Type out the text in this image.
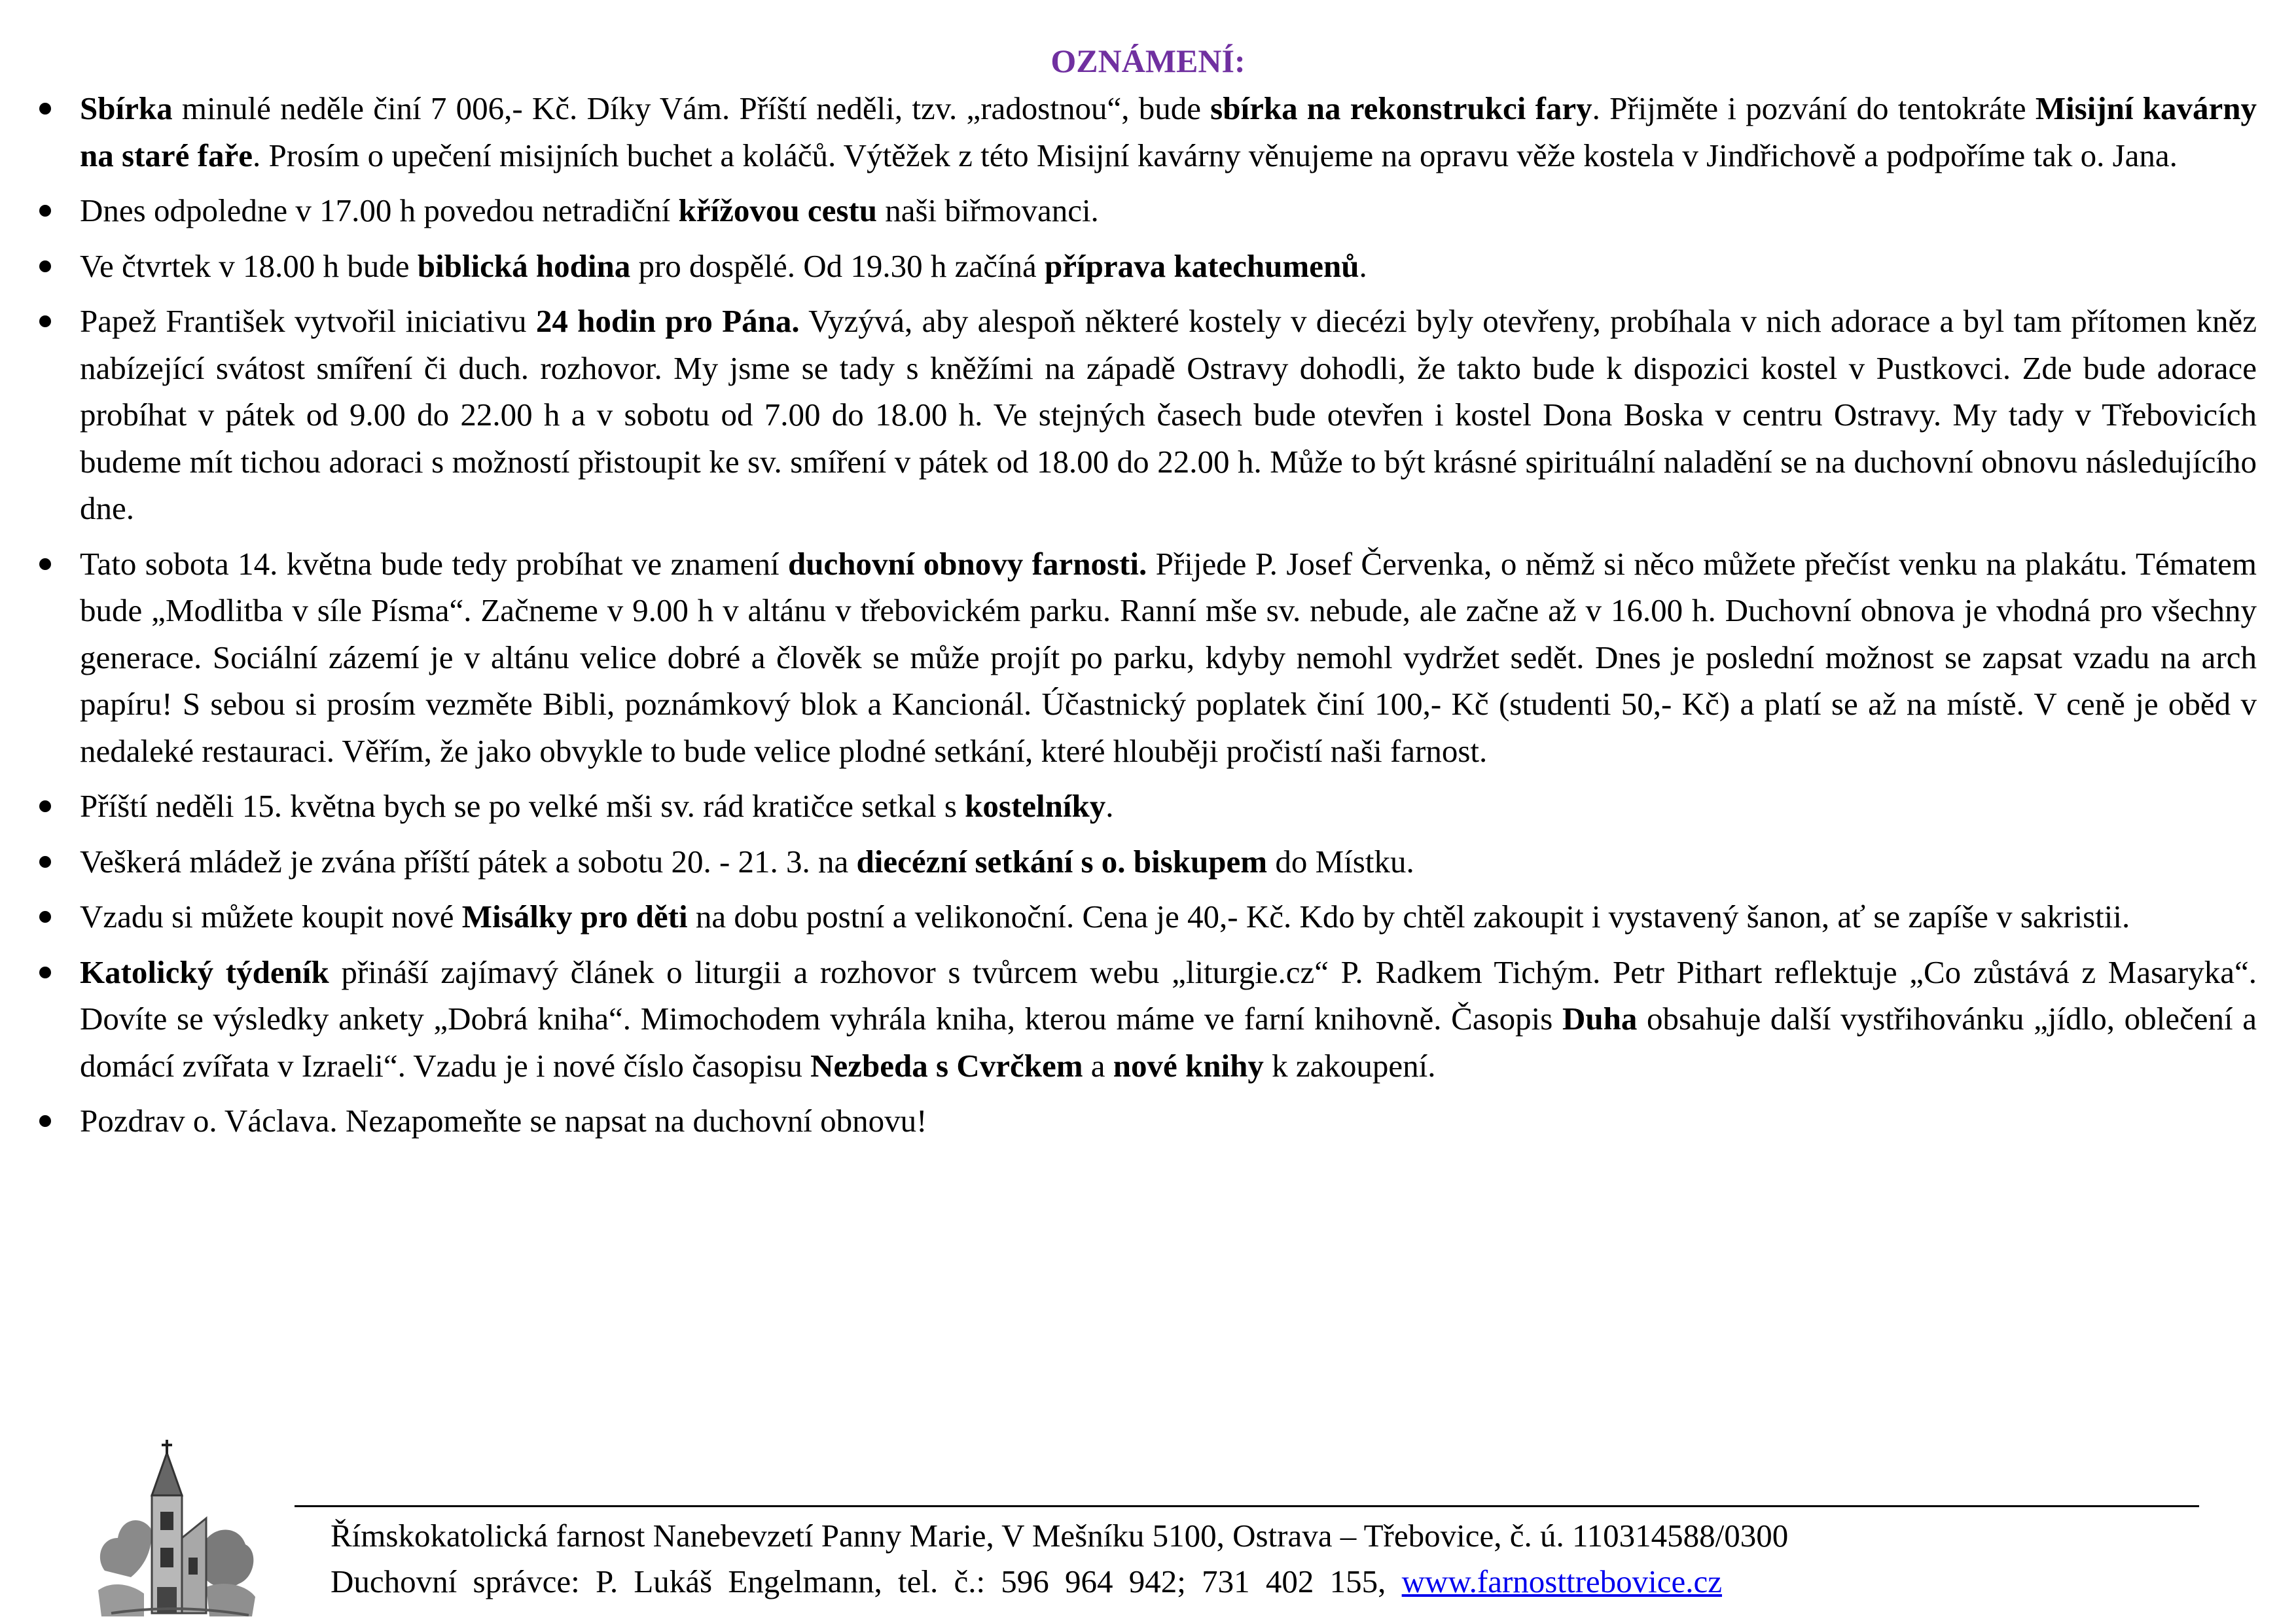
OZNÁMENÍ:
Sbírka minulé neděle činí 7 006,- Kč. Díky Vám. Příští neděli, tzv. „radostnou“, bude sbírka na rekonstrukci fary. Přijměte i pozvání do tentokráte Misijní kavárny na staré faře. Prosím o upečení misijních buchet a koláčů. Výtěžek z této Misijní kavárny věnujeme na opravu věže kostela v Jindřichově a podpoříme tak o. Jana.
Dnes odpoledne v 17.00 h povedou netradiční křížovou cestu naši biřmovanci.
Ve čtvrtek v 18.00 h bude biblická hodina pro dospělé. Od 19.30 h začíná příprava katechumenů.
Papež František vytvořil iniciativu 24 hodin pro Pána. Vyzývá, aby alespoň některé kostely v diecézi byly otevřeny, probíhala v nich adorace a byl tam přítomen kněz nabízející svátost smíření či duch. rozhovor. My jsme se tady s kněžími na západě Ostravy dohodli, že takto bude k dispozici kostel v Pustkovci. Zde bude adorace probíhat v pátek od 9.00 do 22.00 h a v sobotu od 7.00 do 18.00 h. Ve stejných časech bude otevřen i kostel Dona Boska v centru Ostravy. My tady v Třebovicích budeme mít tichou adoraci s možností přistoupit ke sv. smíření v pátek od 18.00 do 22.00 h. Může to být krásné spirituální naladění se na duchovní obnovu následujícího dne.
Tato sobota 14. května bude tedy probíhat ve znamení duchovní obnovy farnosti. Přijede P. Josef Červenka, o němž si něco můžete přečíst venku na plakátu. Tématem bude „Modlitba v síle Písma“. Začneme v 9.00 h v altánu v třebovickém parku. Ranní mše sv. nebude, ale začne až v 16.00 h. Duchovní obnova je vhodná pro všechny generace. Sociální zázemí je v altánu velice dobré a člověk se může projít po parku, kdyby nemohl vydržet sedět. Dnes je poslední možnost se zapsat vzadu na arch papíru! S sebou si prosím vezměte Bibli, poznámkový blok a Kancionál. Účastnický poplatek činí 100,- Kč (studenti 50,- Kč) a platí se až na místě. V ceně je oběd v nedaleké restauraci. Věřím, že jako obvykle to bude velice plodné setkání, které hlouběji pročistí naši farnost.
Příští neděli 15. května bych se po velké mši sv. rád kratičce setkal s kostelníky.
Veškerá mládež je zvána příští pátek a sobotu 20. - 21. 3. na diecézní setkání s o. biskupem do Místku.
Vzadu si můžete koupit nové Misálky pro děti na dobu postní a velikonoční. Cena je 40,- Kč. Kdo by chtěl zakoupit i vystavený šanon, ať se zapíše v sakristii.
Katolický týdeník přináší zajímavý článek o liturgii a rozhovor s tvůrcem webu „liturgie.cz“ P. Radkem Tichým. Petr Pithart reflektuje „Co zůstává z Masaryka“. Dovíte se výsledky ankety „Dobrá kniha“. Mimochodem vyhrála kniha, kterou máme ve farní knihovně. Časopis Duha obsahuje další vystřihovánku „jídlo, oblečení a domácí zvířata v Izraeli“. Vzadu je i nové číslo časopisu Nezbeda s Cvrčkem a nové knihy k zakoupení.
Pozdrav o. Václava. Nezapomeňte se napsat na duchovní obnovu!
Římskokatolická farnost Nanebevzetí Panny Marie, V Mešníku 5100, Ostrava – Třebovice, č. ú. 110314588/0300
Duchovní správce: P. Lukáš Engelmann, tel. č.: 596 964 942; 731 402 155, www.farnosttrebovice.cz
